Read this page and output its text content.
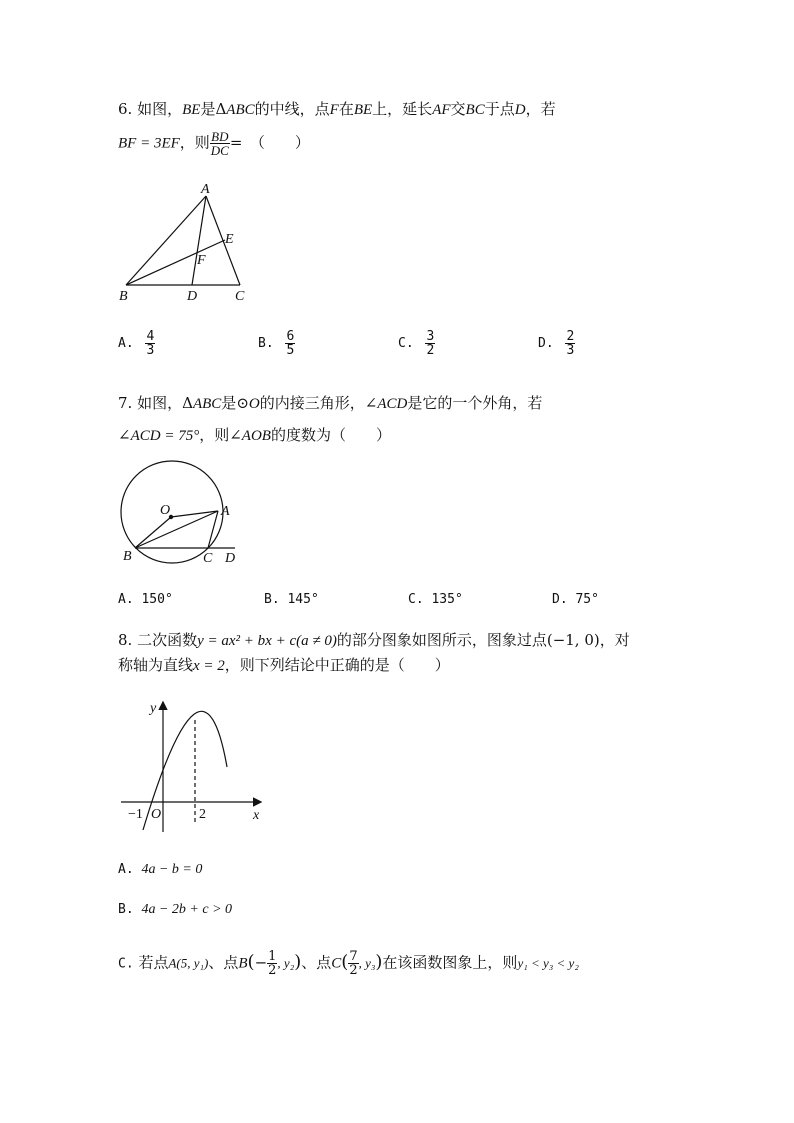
6. 如图，BE是ΔABC的中线，点F在BE上，延长AF交BC于点D，若
BF = 3EF，则 $\frac{BD}{DC}$ =　（　　）
A
B	C
D
E
F
A. $\frac{4}{3}$	B. $\frac{6}{5}$	C. $\frac{3}{2}$	D. $\frac{2}{3}$
7. 如图，ΔABC是⊙O的内接三角形，∠ACD是它的一个外角，若
∠ACD = 75°，则∠AOB的度数为（　　）
O	A
B	C D
A. 150°	B. 145°	C. 135°	D. 75°
8. 二次函数y = ax² + bx + c(a ≠ 0)的部分图象如图所示，图象过点(−1, 0)，对
称轴为直线x = 2，则下列结论中正确的是（　　）
y
x
O
−1	2
A. 4a − b = 0
B. 4a − 2b + c > 0
C. 若点A(5, y₁)、点$B(- \frac{1}{2}$ , y₂)、点$C( \frac{7}{2}$ , y₃)在该函数图象上，则y₁ < y₃ < y₂
